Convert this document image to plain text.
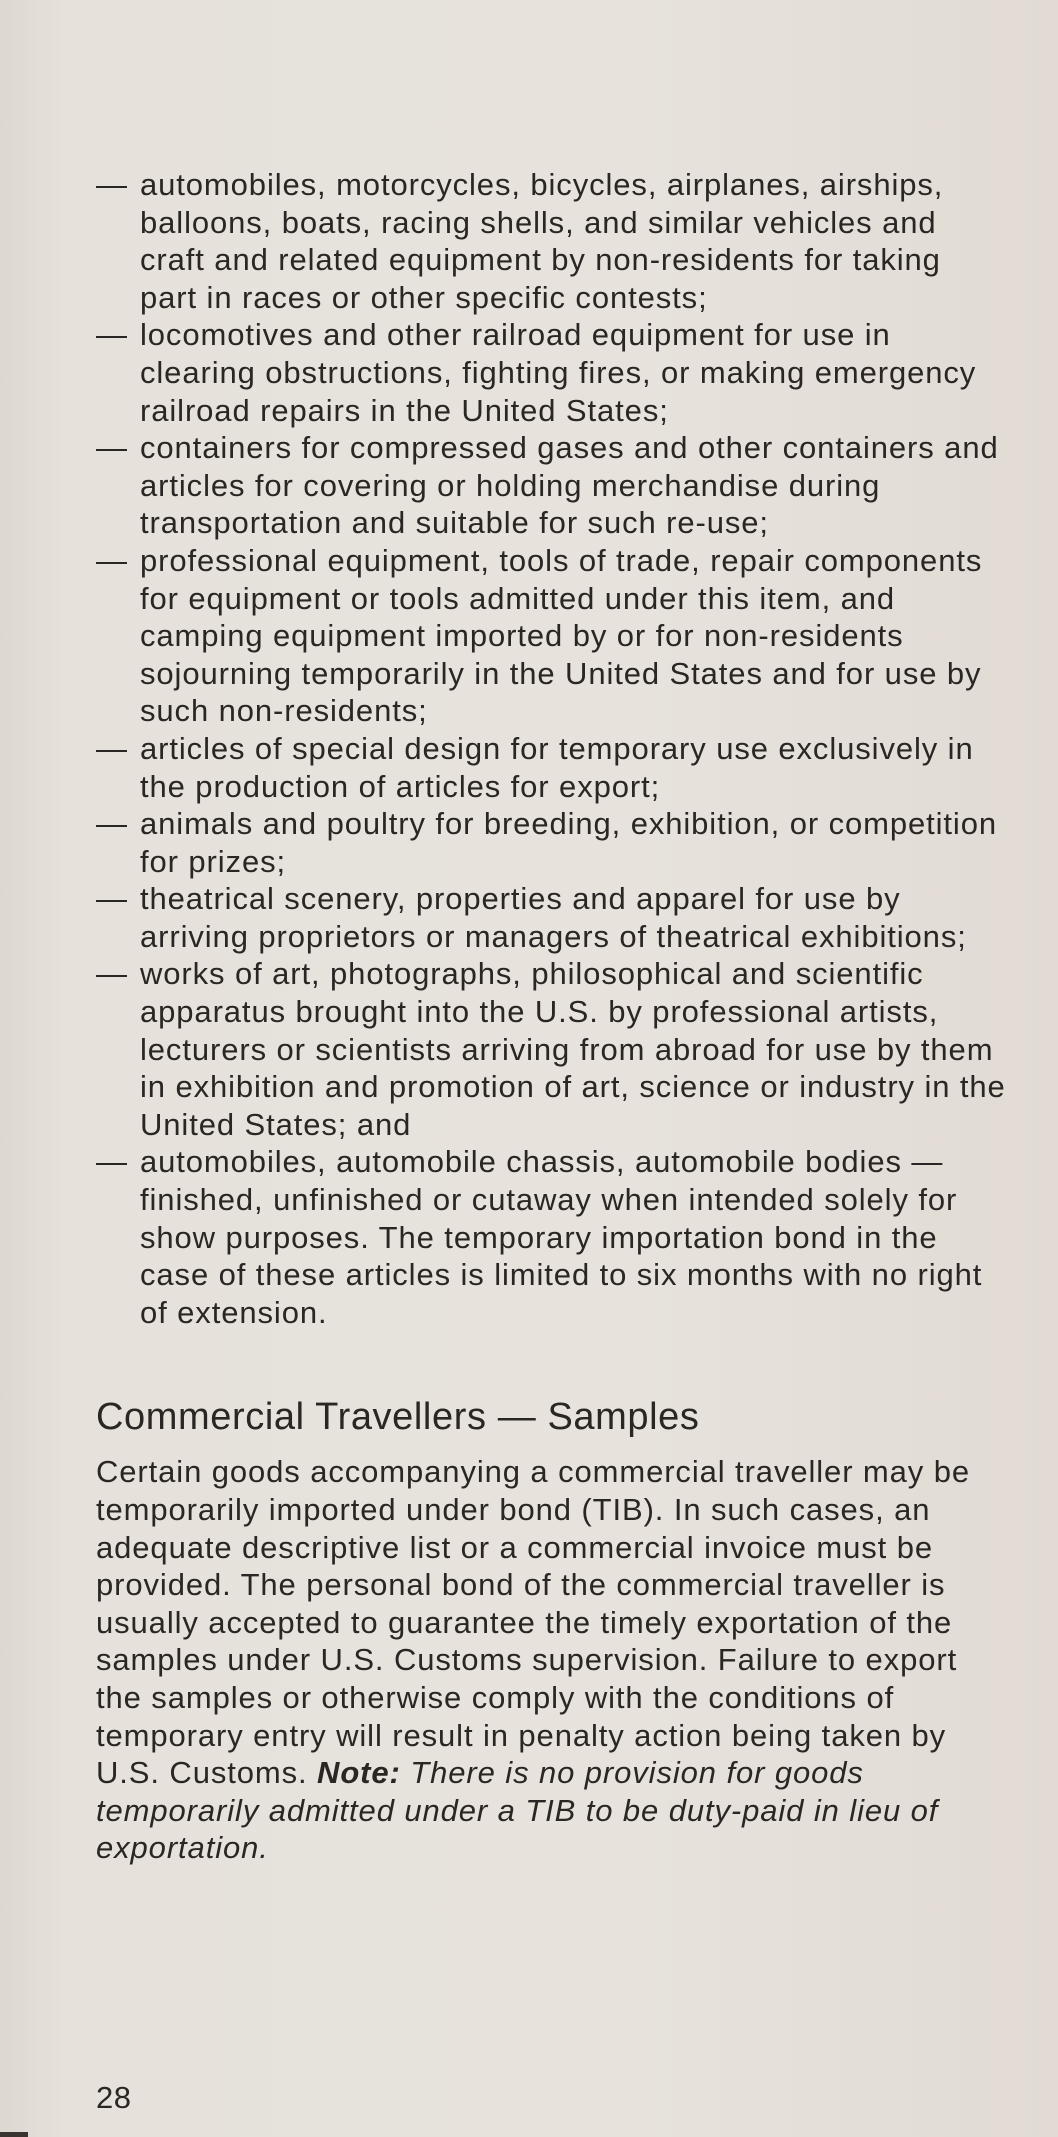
— automobiles, motorcycles, bicycles, airplanes, airships, balloons, boats, racing shells, and similar vehicles and craft and related equipment by non-residents for taking part in races or other specific contests;
— locomotives and other railroad equipment for use in clearing obstructions, fighting fires, or making emergency railroad repairs in the United States;
— containers for compressed gases and other containers and articles for covering or holding merchandise during transportation and suitable for such re-use;
— professional equipment, tools of trade, repair components for equipment or tools admitted under this item, and camping equipment imported by or for non-residents sojourning temporarily in the United States and for use by such non-residents;
— articles of special design for temporary use exclusively in the production of articles for export;
— animals and poultry for breeding, exhibition, or competition for prizes;
— theatrical scenery, properties and apparel for use by arriving proprietors or managers of theatrical exhibitions;
— works of art, photographs, philosophical and scientific apparatus brought into the U.S. by professional artists, lecturers or scientists arriving from abroad for use by them in exhibition and promotion of art, science or industry in the United States; and
— automobiles, automobile chassis, automobile bodies — finished, unfinished or cutaway when intended solely for show purposes. The temporary importation bond in the case of these articles is limited to six months with no right of extension.
Commercial Travellers — Samples

Certain goods accompanying a commercial traveller may be temporarily imported under bond (TIB). In such cases, an adequate descriptive list or a commercial invoice must be provided. The personal bond of the commercial traveller is usually accepted to guarantee the timely exportation of the samples under U.S. Customs supervision. Failure to export the samples or otherwise comply with the conditions of temporary entry will result in penalty action being taken by U.S. Customs. Note: There is no provision for goods temporarily admitted under a TIB to be duty-paid in lieu of exportation.

28
